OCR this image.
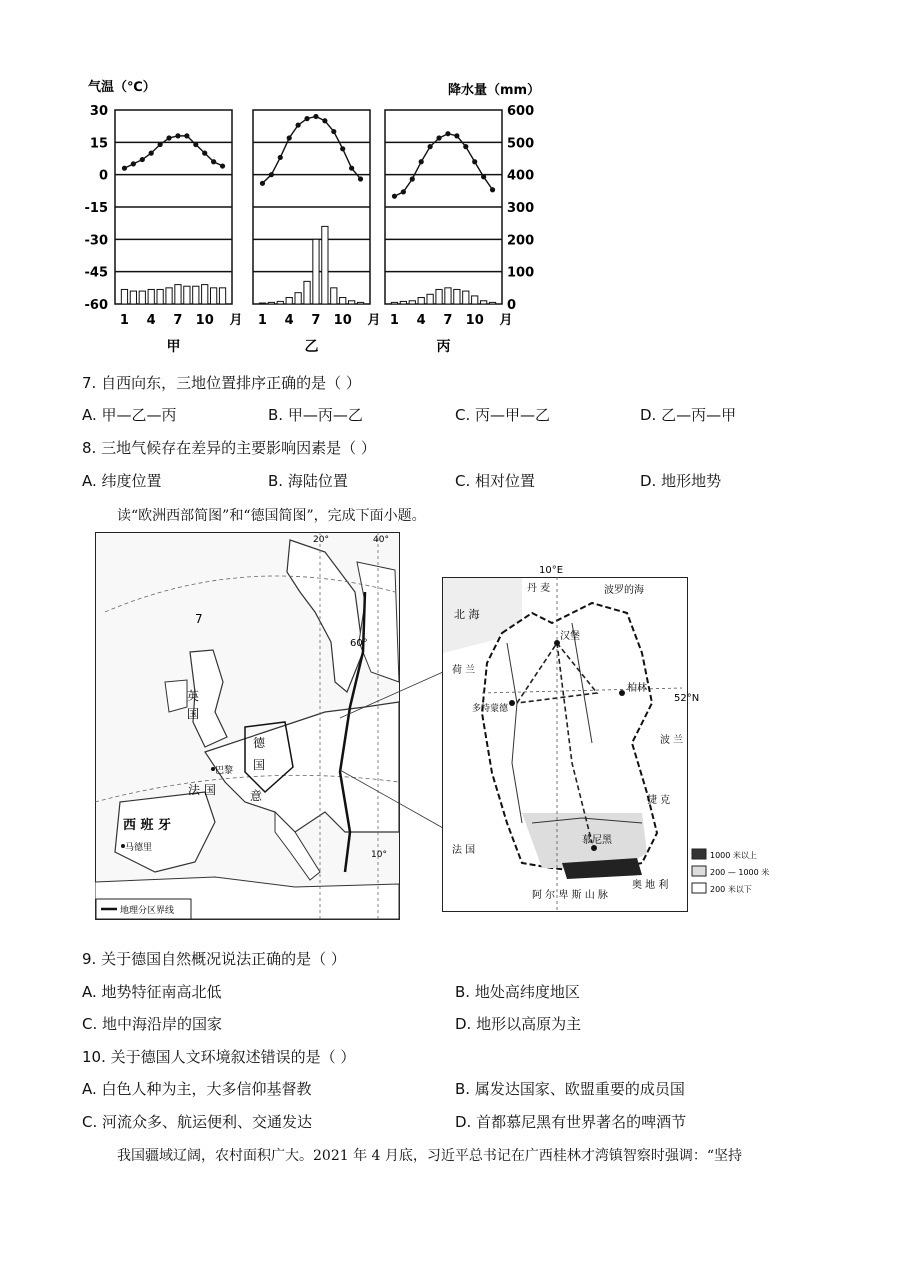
气温（℃）	降水量（mm）
30
15
0
-15
-30
-45
-60
600
500
400
300
200
100
0
1 4 7 10 月
甲
1 4 7 10 月
乙
1 4 7 10 月
丙
7. 自西向东，三地位置排序正确的是（ ）
A. 甲—乙—丙	B. 甲—丙—乙	C. 丙—甲—乙	D. 乙—丙—甲
8. 三地气候存在差异的主要影响因素是（ ）
A. 纬度位置	B. 海陆位置	C. 相对位置	D. 地形地势
读“欧洲西部简图”和“德国简图”，完成下面小题。
7
英
国
德
国
巴黎
法 国	意
西 班 牙
马德里
60°
20°	40°
10°
地理分区界线
10°E
52°N
汉堡
柏林
多特蒙德
慕尼黑
北 海
波罗的海
丹 麦
荷 兰
波 兰
法 国
捷 克
奥 地 利
阿 尔 卑 斯 山 脉
1000 米以上
200 — 1000 米
200 米以下
9. 关于德国自然概况说法正确的是（ ）
A. 地势特征南高北低	B. 地处高纬度地区
C. 地中海沿岸的国家	D. 地形以高原为主
10. 关于德国人文环境叙述错误的是（ ）
A. 白色人种为主，大多信仰基督教	B. 属发达国家、欧盟重要的成员国
C. 河流众多、航运便利、交通发达	D. 首都慕尼黑有世界著名的啤酒节
我国疆域辽阔，农村面积广大。2021 年 4 月底，习近平总书记在广西桂林才湾镇智察时强调：“坚持
